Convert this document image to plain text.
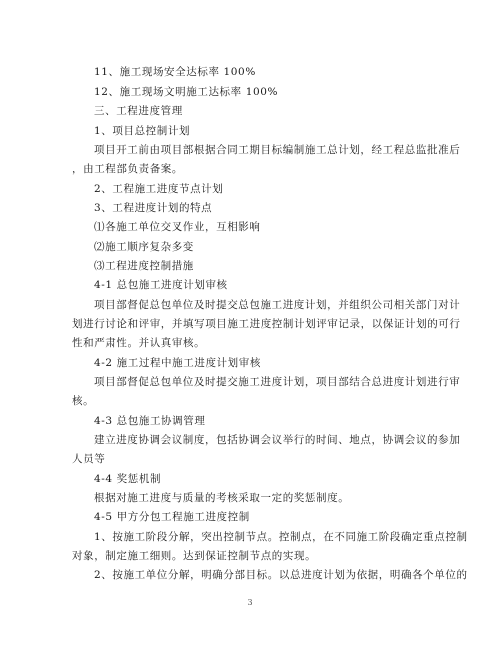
11、施工现场安全达标率 100%
12、施工现场文明施工达标率 100%
三、工程进度管理
1、项目总控制计划
项目开工前由项目部根据合同工期目标编制施工总计划，经工程总监批准后
，由工程部负责备案。
2、工程施工进度节点计划
3、工程进度计划的特点
⑴各施工单位交叉作业，互相影响
⑵施工顺序复杂多变
⑶工程进度控制措施
4-1 总包施工进度计划审核
项目部督促总包单位及时提交总包施工进度计划，并组织公司相关部门对计
划进行讨论和评审，并填写项目施工进度控制计划评审记录，以保证计划的可行
性和严肃性。并认真审核。
4-2 施工过程中施工进度计划审核
项目部督促总包单位及时提交施工进度计划，项目部结合总进度计划进行审
核。
4-3 总包施工协调管理
建立进度协调会议制度，包括协调会议举行的时间、地点，协调会议的参加
人员等
4-4 奖惩机制
根据对施工进度与质量的考核采取一定的奖惩制度。
4-5 甲方分包工程施工进度控制
1、按施工阶段分解，突出控制节点。控制点，在不同施工阶段确定重点控制
对象，制定施工细则。达到保证控制节点的实现。
2、按施工单位分解，明确分部目标。以总进度计划为依据，明确各个单位的
3
